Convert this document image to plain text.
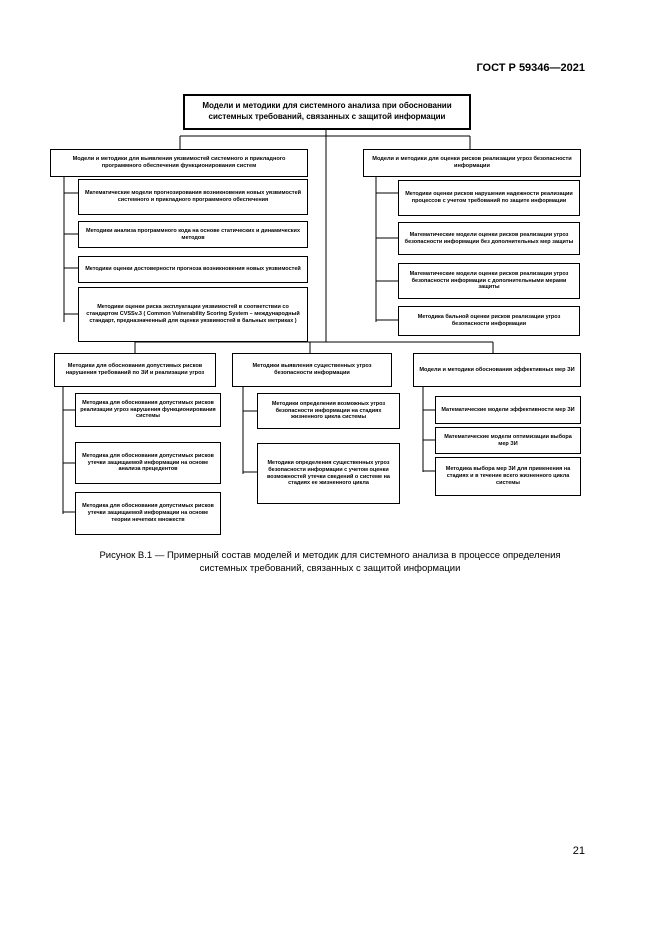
ГОСТ Р 59346—2021
Модели и методики для системного анализа при обосновании системных требований, связанных с защитой информации
Модели и методики для выявления уязвимостей системного и прикладного программного обеспечения функционирования систем
Математические модели прогнозирования возникновения новых уязвимостей системного и прикладного программного обеспечения
Методики анализа программного кода на основе статических и динамических методов
Методики оценки достоверности прогноза возникновения новых уязвимостей
Методики оценки риска эксплуатации уязвимостей в соответствии со стандартом CVSSv.3 ( Common Vulnerability Scoring System – международный стандарт, предназначенный для оценки уязвимостей в бальных метриках )
Модели и методики для оценки рисков реализации угроз безопасности информации
Методики оценки рисков нарушения надежности реализации процессов с учетом требований по защите информации
Математические модели оценки рисков реализации угроз безопасности информации без дополнительных мер защиты
Математические модели оценки рисков реализации угроз безопасности информации с дополнительными мерами защиты
Методика бальной оценки рисков реализации угроз безопасности информации
Методики для обоснования допустимых рисков нарушения требований по ЗИ и реализации угроз
Методика для обоснования допустимых рисков реализации угроз нарушения функционирования системы
Методика для обоснования допустимых рисков утечки защищаемой информации на основе анализа прецедентов
Методика для обоснования допустимых рисков утечки защищаемой информации на основе теории нечетких множеств
Методики выявления существенных угроз безопасности информации
Методики определения возможных угроз безопасности информации на стадиях жизненного цикла системы
Методики определения существенных угроз безопасности информации с учетом оценки возможностей утечки сведений о системе на стадиях ее жизненного цикла
Модели и методики обоснования эффективных мер ЗИ
Математические модели эффективности мер ЗИ
Математические модели оптимизации выбора мер ЗИ
Методика выбора мер ЗИ для применения на стадиях и в течение всего жизненного цикла системы
Рисунок В.1 — Примерный состав моделей и методик для системного анализа в процессе определения
системных требований, связанных с защитой информации
21
